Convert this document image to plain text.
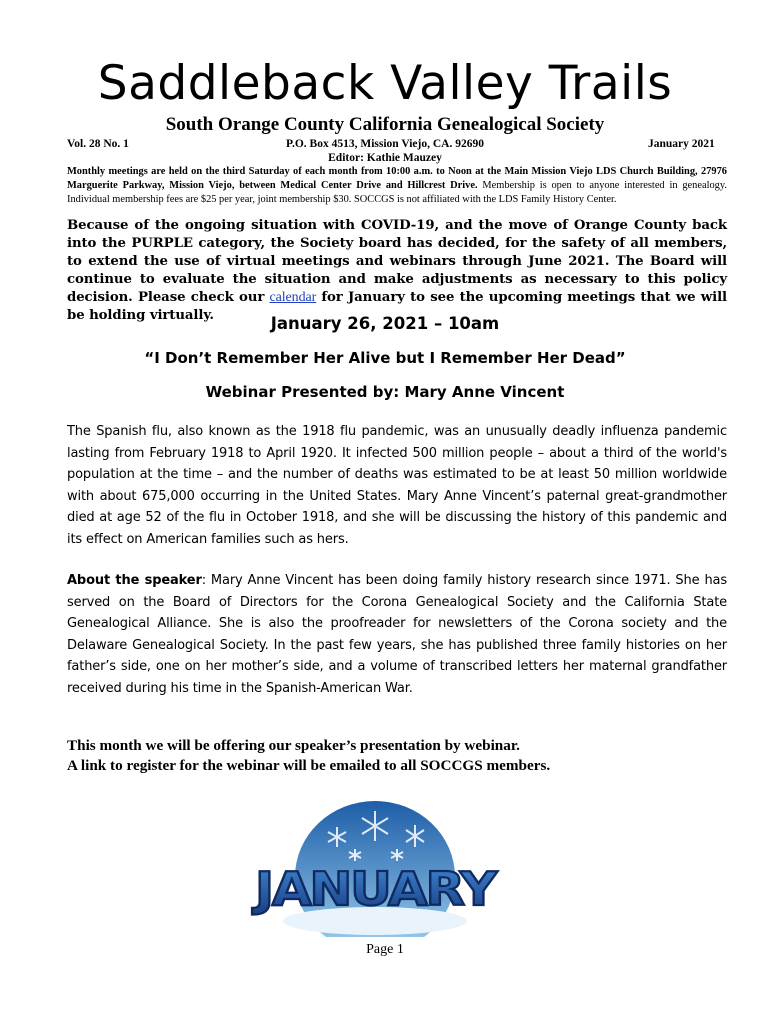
Saddleback Valley Trails
South Orange County California Genealogical Society
Vol. 28 No. 1	P.O. Box 4513, Mission Viejo, CA. 92690	January 2021
Editor: Kathie Mauzey
Monthly meetings are held on the third Saturday of each month from 10:00 a.m. to Noon at the Main Mission Viejo LDS Church Building, 27976 Marguerite Parkway, Mission Viejo, between Medical Center Drive and Hillcrest Drive. Membership is open to anyone interested in genealogy. Individual membership fees are $25 per year, joint membership $30. SOCCGS is not affiliated with the LDS Family History Center.
Because of the ongoing situation with COVID-19, and the move of Orange County back into the PURPLE category, the Society board has decided, for the safety of all members, to extend the use of virtual meetings and webinars through June 2021. The Board will continue to evaluate the situation and make adjustments as necessary to this policy decision. Please check our calendar for January to see the upcoming meetings that we will be holding virtually.	January 26, 2021 – 10am
“I Don’t Remember Her Alive but I Remember Her Dead”
Webinar Presented by: Mary Anne Vincent
The Spanish flu, also known as the 1918 flu pandemic, was an unusually deadly influenza pandemic lasting from February 1918 to April 1920. It infected 500 million people – about a third of the world's population at the time – and the number of deaths was estimated to be at least 50 million worldwide with about 675,000 occurring in the United States. Mary Anne Vincent’s paternal great-grandmother died at age 52 of the flu in October 1918, and she will be discussing the history of this pandemic and its effect on American families such as hers.
About the speaker: Mary Anne Vincent has been doing family history research since 1971. She has served on the Board of Directors for the Corona Genealogical Society and the California State Genealogical Alliance. She is also the proofreader for newsletters of the Corona society and the Delaware Genealogical Society. In the past few years, she has published three family histories on her father’s side, one on her mother’s side, and a volume of transcribed letters her maternal grandfather received during his time in the Spanish-American War.
This month we will be offering our speaker’s presentation by webinar.
A link to register for the webinar will be emailed to all SOCCGS members.
JANUARY
Page 1
